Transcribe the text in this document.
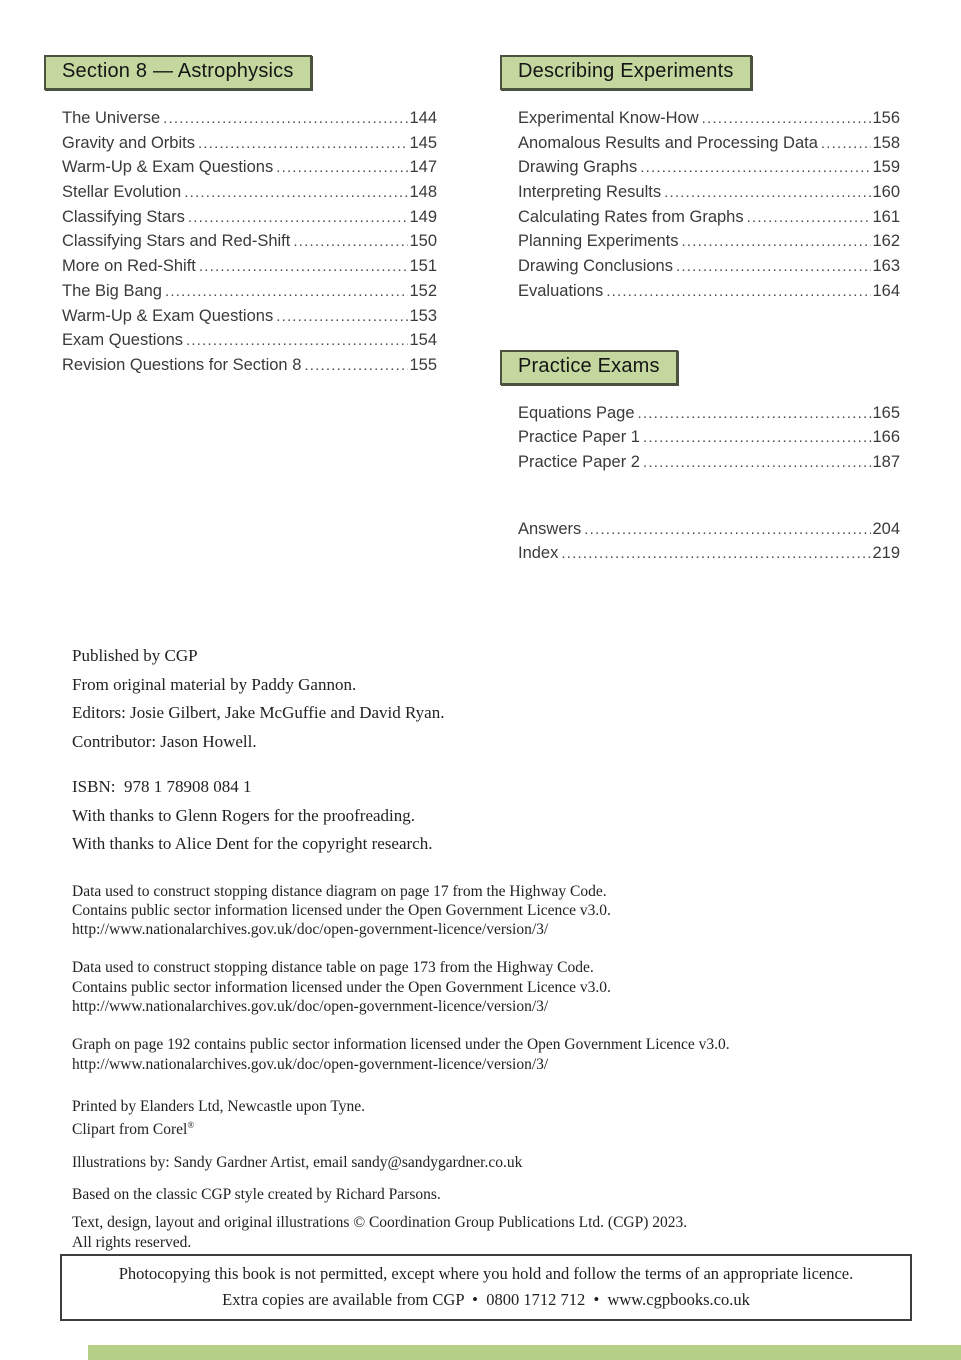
Section 8 — Astrophysics
The Universe .....	144
Gravity and Orbits .....	145
Warm-Up & Exam Questions .....	147
Stellar Evolution .....	148
Classifying Stars .....	149
Classifying Stars and Red-Shift .....	150
More on Red-Shift .....	151
The Big Bang .....	152
Warm-Up & Exam Questions .....	153
Exam Questions .....	154
Revision Questions for Section 8 .....	155
Describing Experiments
Experimental Know-How .....	156
Anomalous Results and Processing Data .....	158
Drawing Graphs .....	159
Interpreting Results .....	160
Calculating Rates from Graphs .....	161
Planning Experiments .....	162
Drawing Conclusions .....	163
Evaluations .....	164
Practice Exams
Equations Page .....	165
Practice Paper 1 .....	166
Practice Paper 2 .....	187
Answers .....	204
Index .....	219

Published by CGP

From original material by Paddy Gannon.

Editors: Josie Gilbert, Jake McGuffie and David Ryan.

Contributor: Jason Howell.

ISBN:  978 1 78908 084 1

With thanks to Glenn Rogers for the proofreading.

With thanks to Alice Dent for the copyright research.

Data used to construct stopping distance diagram on page 17 from the Highway Code.

Contains public sector information licensed under the Open Government Licence v3.0.

http://www.nationalarchives.gov.uk/doc/open-government-licence/version/3/

Data used to construct stopping distance table on page 173 from the Highway Code.

Contains public sector information licensed under the Open Government Licence v3.0.

http://www.nationalarchives.gov.uk/doc/open-government-licence/version/3/

Graph on page 192 contains public sector information licensed under the Open Government Licence v3.0.

http://www.nationalarchives.gov.uk/doc/open-government-licence/version/3/

Printed by Elanders Ltd, Newcastle upon Tyne.

Clipart from Corel®

Illustrations by: Sandy Gardner Artist, email sandy@sandygardner.co.uk

Based on the classic CGP style created by Richard Parsons.

Text, design, layout and original illustrations © Coordination Group Publications Ltd. (CGP) 2023.

All rights reserved.

Photocopying this book is not permitted, except where you hold and follow the terms of an appropriate licence.
Extra copies are available from CGP  •  0800 1712 712  •  www.cgpbooks.co.uk
